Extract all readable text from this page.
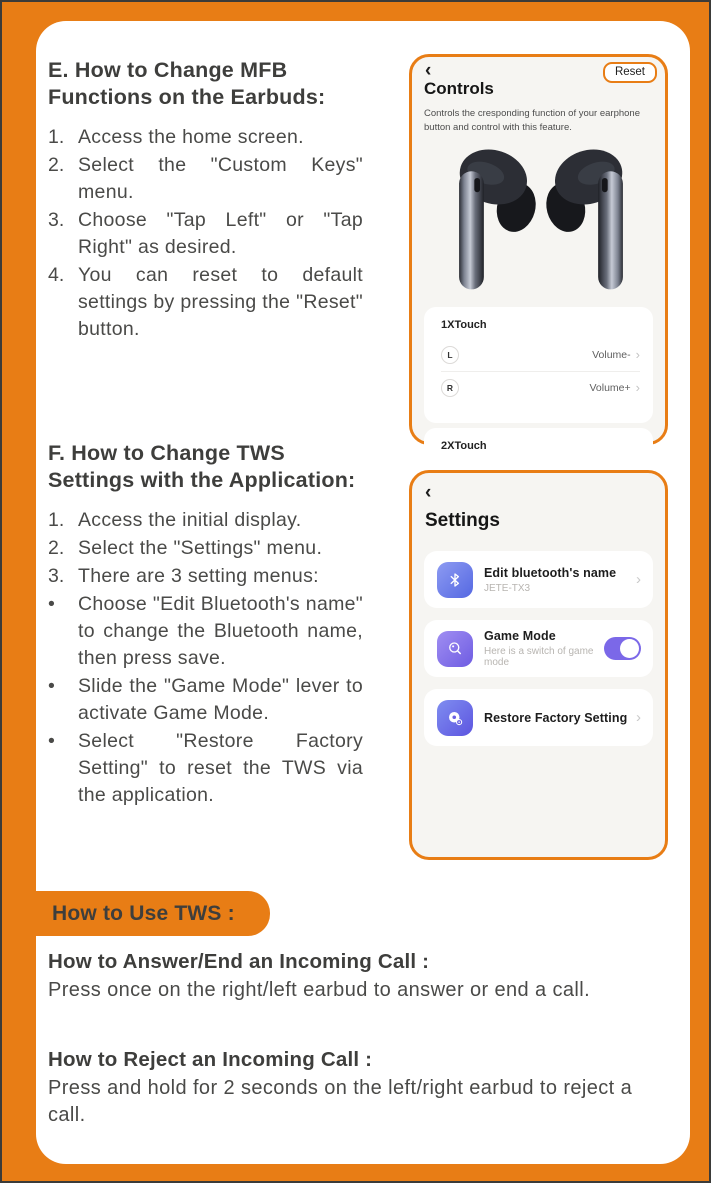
E. How to Change MFB
Functions on the Earbuds:
1. Access the home screen.
2. Select the "Custom Keys" menu.
3. Choose "Tap Left" or "Tap Right" as desired.
4. You can reset to default settings by pressing the "Reset" button.
F. How to Change TWS
Settings with the Application:
1. Access the initial display.
2. Select the "Settings" menu.
3. There are 3 setting menus:
•	Choose "Edit Bluetooth's name" to change the Bluetooth name, then press save.
•	Slide the "Game Mode" lever to activate Game Mode.
•	Select "Restore Factory Setting" to reset the TWS via the application.
‹
Controls
Reset
Controls the cresponding function of your earphone button and control with this feature.
1XTouch
L	Volume- ›
R	Volume+ ›
2XTouch
‹
Settings
Edit bluetooth's name
JETE-TX3	›
Game Mode
Here is a switch of game mode
Restore Factory Setting ›
How to Use TWS :
How to Answer/End an Incoming Call :

Press once on the right/left earbud to answer or end a call.

How to Reject an Incoming Call :

Press and hold for 2 seconds on the left/right earbud to reject a call.
